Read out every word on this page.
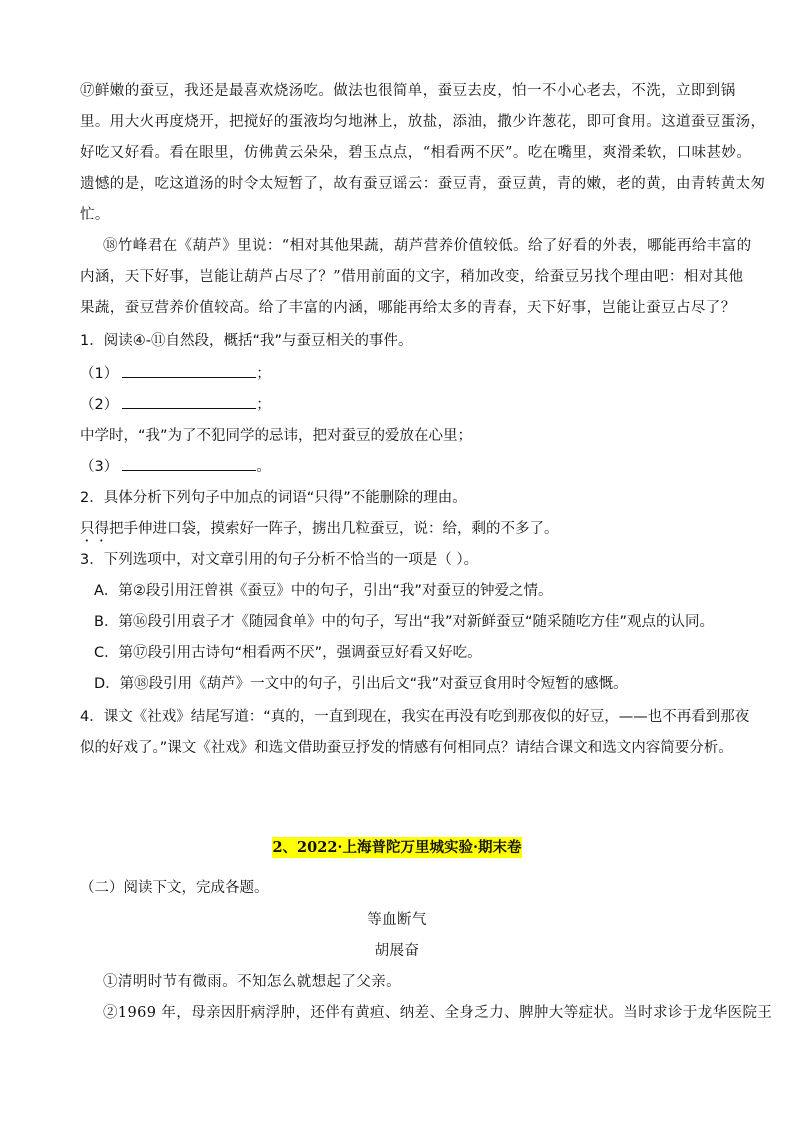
⑰鲜嫩的蚕豆，我还是最喜欢烧汤吃。做法也很简单，蚕豆去皮，怕一不小心老去，不洗，立即到锅

里。用大火再度烧开，把搅好的蛋液均匀地淋上，放盐，添油，撒少许葱花，即可食用。这道蚕豆蛋汤，

好吃又好看。看在眼里，仿佛黄云朵朵，碧玉点点，“相看两不厌”。吃在嘴里，爽滑柔软，口味甚妙。

遗憾的是，吃这道汤的时令太短暂了，故有蚕豆谣云：蚕豆青，蚕豆黄，青的嫩，老的黄，由青转黄太匆

忙。

⑱竹峰君在《葫芦》里说：“相对其他果蔬，葫芦营养价值较低。给了好看的外表，哪能再给丰富的

内涵，天下好事，岂能让葫芦占尽了？”借用前面的文字，稍加改变，给蚕豆另找个理由吧：相对其他

果蔬，蚕豆营养价值较高。给了丰富的内涵，哪能再给太多的青春，天下好事，岂能让蚕豆占尽了？

1．阅读④-⑪自然段，概括“我”与蚕豆相关的事件。

（1）	；

（2）	；

中学时，“我”为了不犯同学的忌讳，把对蚕豆的爱放在心里；

（3）	。

2．具体分析下列句子中加点的词语“只得”不能删除的理由。

只得把手伸进口袋，摸索好一阵子，掳出几粒蚕豆，说：给，剩的不多了。

3．下列选项中，对文章引用的句子分析不恰当的一项是（ ）。

A．第②段引用汪曾祺《蚕豆》中的句子，引出“我”对蚕豆的钟爱之情。

B．第⑯段引用袁子才《随园食单》中的句子，写出“我”对新鲜蚕豆“随采随吃方佳”观点的认同。

C．第⑰段引用古诗句“相看两不厌”，强调蚕豆好看又好吃。

D．第⑱段引用《葫芦》一文中的句子，引出后文“我”对蚕豆食用时令短暂的感慨。

4．课文《社戏》结尾写道：“真的，一直到现在，我实在再没有吃到那夜似的好豆，——也不再看到那夜

似的好戏了。”课文《社戏》和选文借助蚕豆抒发的情感有何相同点？请结合课文和选文内容简要分析。

2、2022·上海普陀万里城实验·期末卷

（二）阅读下文，完成各题。

等血断气
胡展奋

①清明时节有微雨。不知怎么就想起了父亲。

②1969 年，母亲因肝病浮肿，还伴有黄疸、纳差、全身乏力、脾肿大等症状。当时求诊于龙华医院王
